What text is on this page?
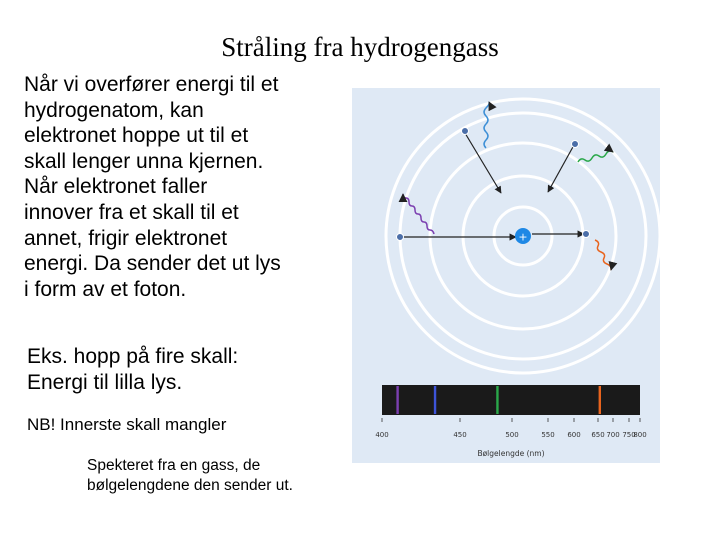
Stråling fra hydrogengass
Når vi overfører energi til et
hydrogenatom, kan
elektronet hoppe ut til et
skall lenger unna kjernen.
Når elektronet faller
innover fra et skall til et
annet, frigir elektronet
energi. Da sender det ut lys
i form av et foton.
Eks. hopp på fire skall:
Energi til lilla lys.
NB! Innerste skall mangler
Spekteret fra en gass, de
bølgelengdene den sender ut.
+
400	450	500	550 600 650 700 750
800
Bølgelengde (nm)
